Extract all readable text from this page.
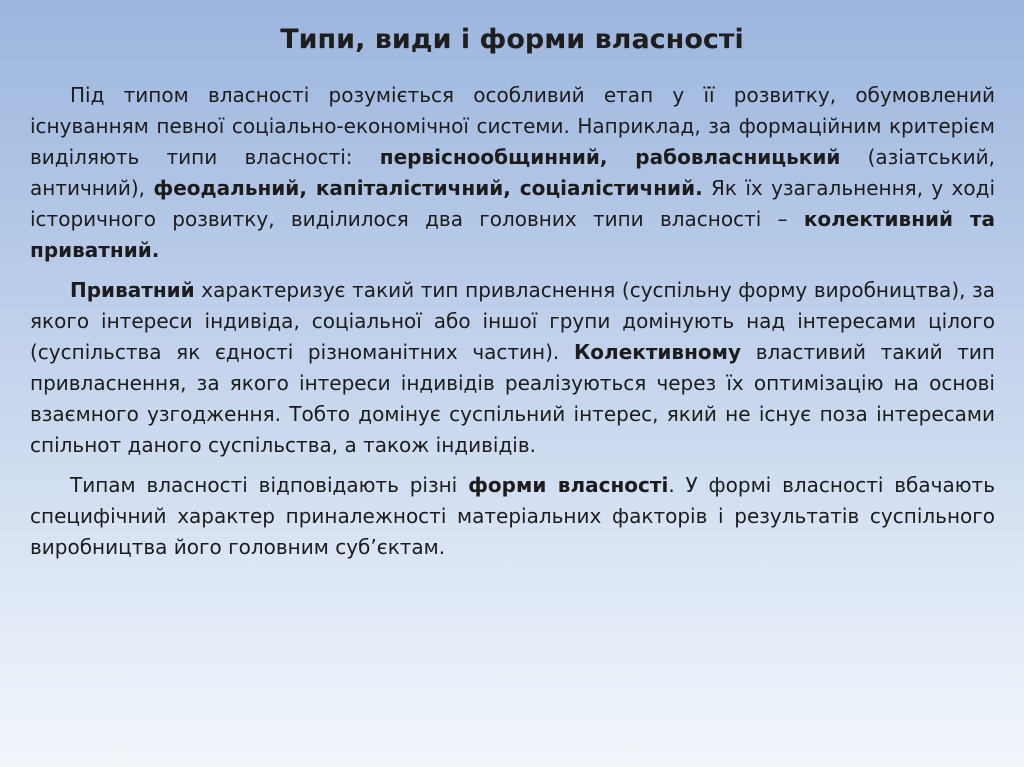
Типи, види і форми власності

Під типом власності розуміється особливий етап у її розвитку, обумовлений існуванням певної соціально-економічної системи. Наприклад, за формаційним критерієм виділяють типи власності: первіснообщинний, рабовласницький (азіатський, античний), феодальний, капіталістичний, соціалістичний. Як їх узагальнення, у ході історичного розвитку, виділилося два головних типи власності – колективний та приватний.

Приватний характеризує такий тип привласнення (суспільну форму виробництва), за якого інтереси індивіда, соціальної або іншої групи домінують над інтересами цілого (суспільства як єдності різноманітних частин). Колективному властивий такий тип привласнення, за якого інтереси індивідів реалізуються через їх оптимізацію на основі взаємного узгодження. Тобто домінує суспільний інтерес, який не існує поза інтересами спільнот даного суспільства, а також індивідів.

Типам власності відповідають різні форми власності. У формі власності вбачають специфічний характер приналежності матеріальних факторів і результатів суспільного виробництва його головним суб’єктам.
